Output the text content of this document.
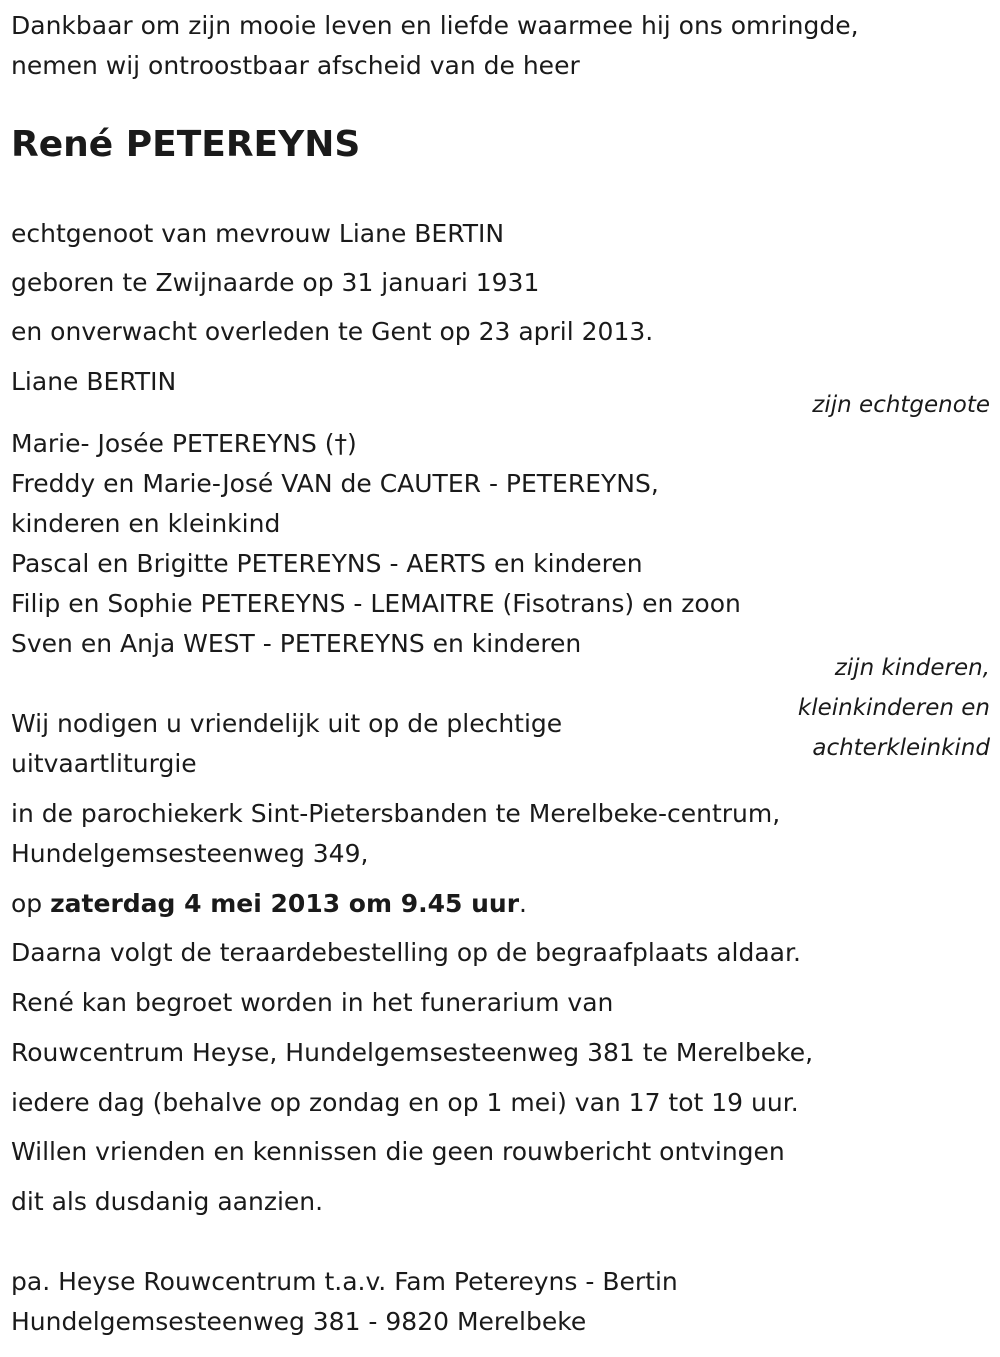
Dankbaar om zijn mooie leven en liefde waarmee hij ons omringde,
nemen wij ontroostbaar afscheid van de heer
René PETEREYNS
echtgenoot van mevrouw Liane BERTIN
geboren te Zwijnaarde op 31 januari 1931
en onverwacht overleden te Gent op 23 april 2013.
Liane BERTIN
zijn echtgenote
Marie- Josée PETEREYNS (†)
Freddy en Marie-José VAN de CAUTER - PETEREYNS,
kinderen en kleinkind
Pascal en Brigitte PETEREYNS - AERTS en kinderen
Filip en Sophie PETEREYNS - LEMAITRE (Fisotrans) en zoon
Sven en Anja WEST - PETEREYNS en kinderen
zijn kinderen,
kleinkinderen en
achterkleinkind
Wij nodigen u vriendelijk uit op de plechtige
uitvaartliturgie
in de parochiekerk Sint-Pietersbanden te Merelbeke-centrum,
Hundelgemsesteenweg 349,
op zaterdag 4 mei 2013 om 9.45 uur.
Daarna volgt de teraardebestelling op de begraafplaats aldaar.
René kan begroet worden in het funerarium van
Rouwcentrum Heyse, Hundelgemsesteenweg 381 te Merelbeke,
iedere dag (behalve op zondag en op 1 mei) van 17 tot 19 uur.
Willen vrienden en kennissen die geen rouwbericht ontvingen
dit als dusdanig aanzien.
pa. Heyse Rouwcentrum t.a.v. Fam Petereyns - Bertin
Hundelgemsesteenweg 381 - 9820 Merelbeke
